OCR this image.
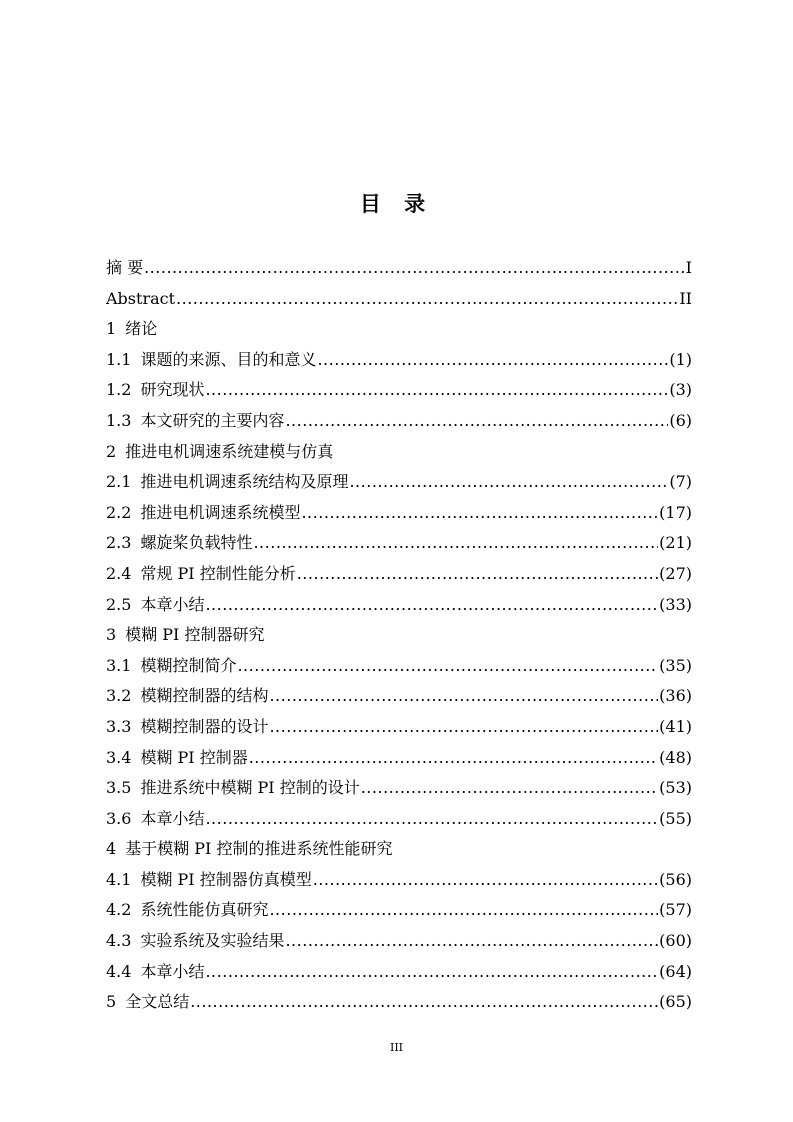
目 录
摘 要 .....	I
Abstract .....	II
1 绪论
1.1 课题的来源、目的和意义 .....	(1)
1.2 研究现状 .....	(3)
1.3 本文研究的主要内容 .....	(6)
2 推进电机调速系统建模与仿真
2.1 推进电机调速系统结构及原理 .....	(7)
2.2 推进电机调速系统模型 .....	(17)
2.3 螺旋桨负载特性 .....	(21)
2.4 常规 PI 控制性能分析 .....	(27)
2.5 本章小结 .....	(33)
3 模糊 PI 控制器研究
3.1 模糊控制简介 .....	(35)
3.2 模糊控制器的结构 .....	(36)
3.3 模糊控制器的设计 .....	(41)
3.4 模糊 PI 控制器 .....	(48)
3.5 推进系统中模糊 PI 控制的设计 .....	(53)
3.6 本章小结 .....	(55)
4 基于模糊 PI 控制的推进系统性能研究
4.1 模糊 PI 控制器仿真模型 .....	(56)
4.2 系统性能仿真研究 .....	(57)
4.3 实验系统及实验结果 .....	(60)
4.4 本章小结 .....	(64)
5 全文总结 .....	(65)
III
